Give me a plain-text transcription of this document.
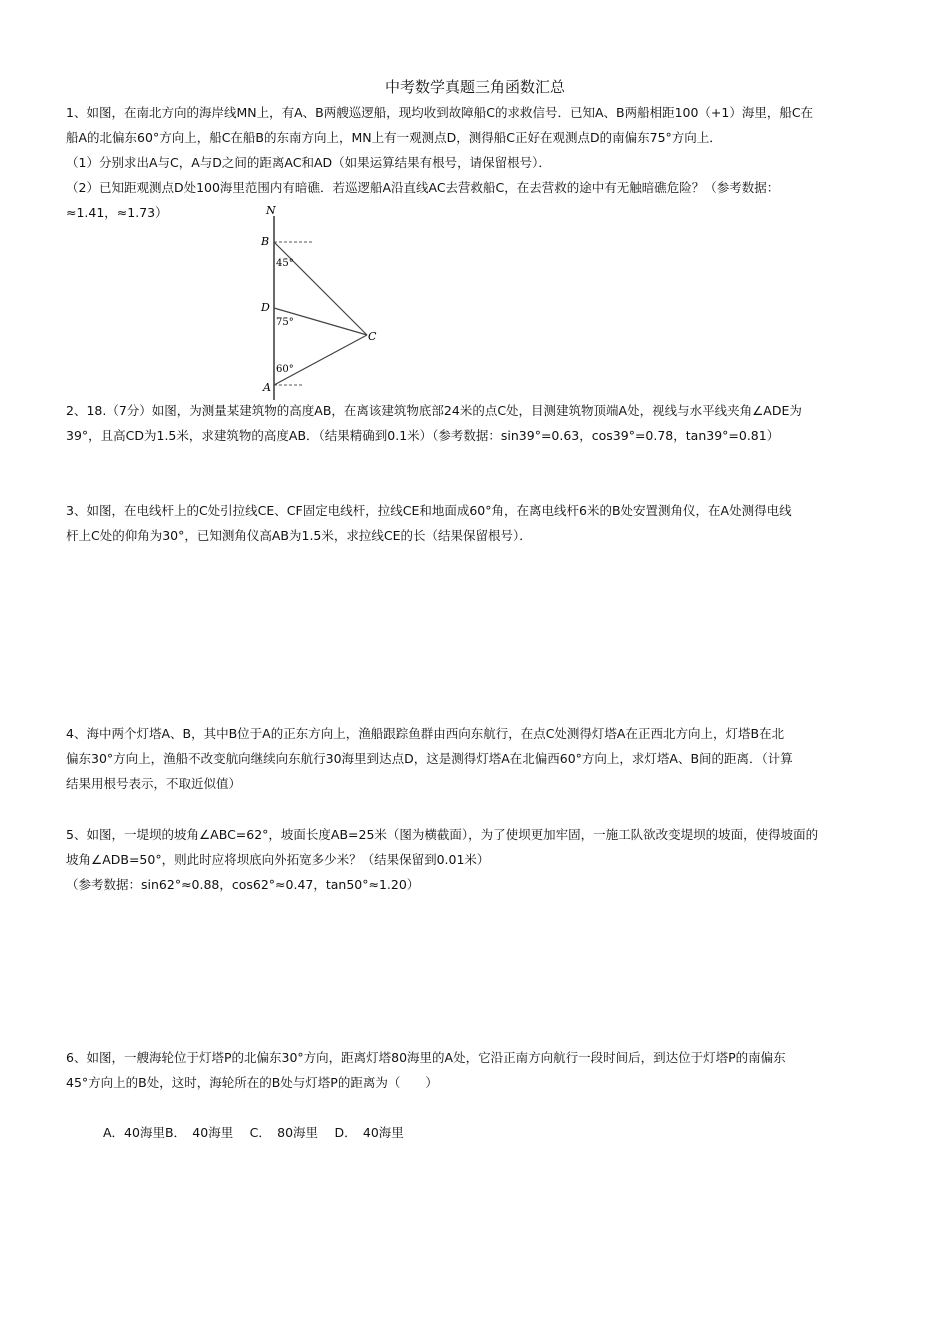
中考数学真题三角函数汇总
1、如图，在南北方向的海岸线MN上，有A、B两艘巡逻船，现均收到故障船C的求救信号．已知A、B两船相距100（+1）海里，船C在
船A的北偏东60°方向上，船C在船B的东南方向上，MN上有一观测点D，测得船C正好在观测点D的南偏东75°方向上．
（1）分别求出A与C，A与D之间的距离AC和AD（如果运算结果有根号，请保留根号）．
（2）已知距观测点D处100海里范围内有暗礁．若巡逻船A沿直线AC去营救船C，在去营救的途中有无触暗礁危险？（参考数据：
≈1.41，≈1.73）	N
B
D
A
C
45°
75°
60°
2、18.（7分）如图，为测量某建筑物的高度AB，在离该建筑物底部24米的点C处，目测建筑物顶端A处，视线与水平线夹角∠ADE为
39°，且高CD为1.5米，求建筑物的高度AB．（结果精确到0.1米）（参考数据：sin39°=0.63，cos39°=0.78，tan39°=0.81）
3、如图，在电线杆上的C处引拉线CE、CF固定电线杆，拉线CE和地面成60°角，在离电线杆6米的B处安置测角仪，在A处测得电线
杆上C处的仰角为30°，已知测角仪高AB为1.5米，求拉线CE的长（结果保留根号）．
4、海中两个灯塔A、B，其中B位于A的正东方向上，渔船跟踪鱼群由西向东航行，在点C处测得灯塔A在正西北方向上，灯塔B在北
偏东30°方向上，渔船不改变航向继续向东航行30海里到达点D，这是测得灯塔A在北偏西60°方向上，求灯塔A、B间的距离．（计算
结果用根号表示，不取近似值）
5、如图，一堤坝的坡角∠ABC=62°，坡面长度AB=25米（图为横截面），为了使坝更加牢固，一施工队欲改变堤坝的坡面，使得坡面的
坡角∠ADB=50°，则此时应将坝底向外拓宽多少米？（结果保留到0.01米）
（参考数据：sin62°≈0.88，cos62°≈0.47，tan50°≈1.20）
6、如图，一艘海轮位于灯塔P的北偏东30°方向，距离灯塔80海里的A处，它沿正南方向航行一段时间后，到达位于灯塔P的南偏东
45°方向上的B处，这时，海轮所在的B处与灯塔P的距离为（　　）
A．40海里B．　40海里　 C．　80海里　 D．　40海里
